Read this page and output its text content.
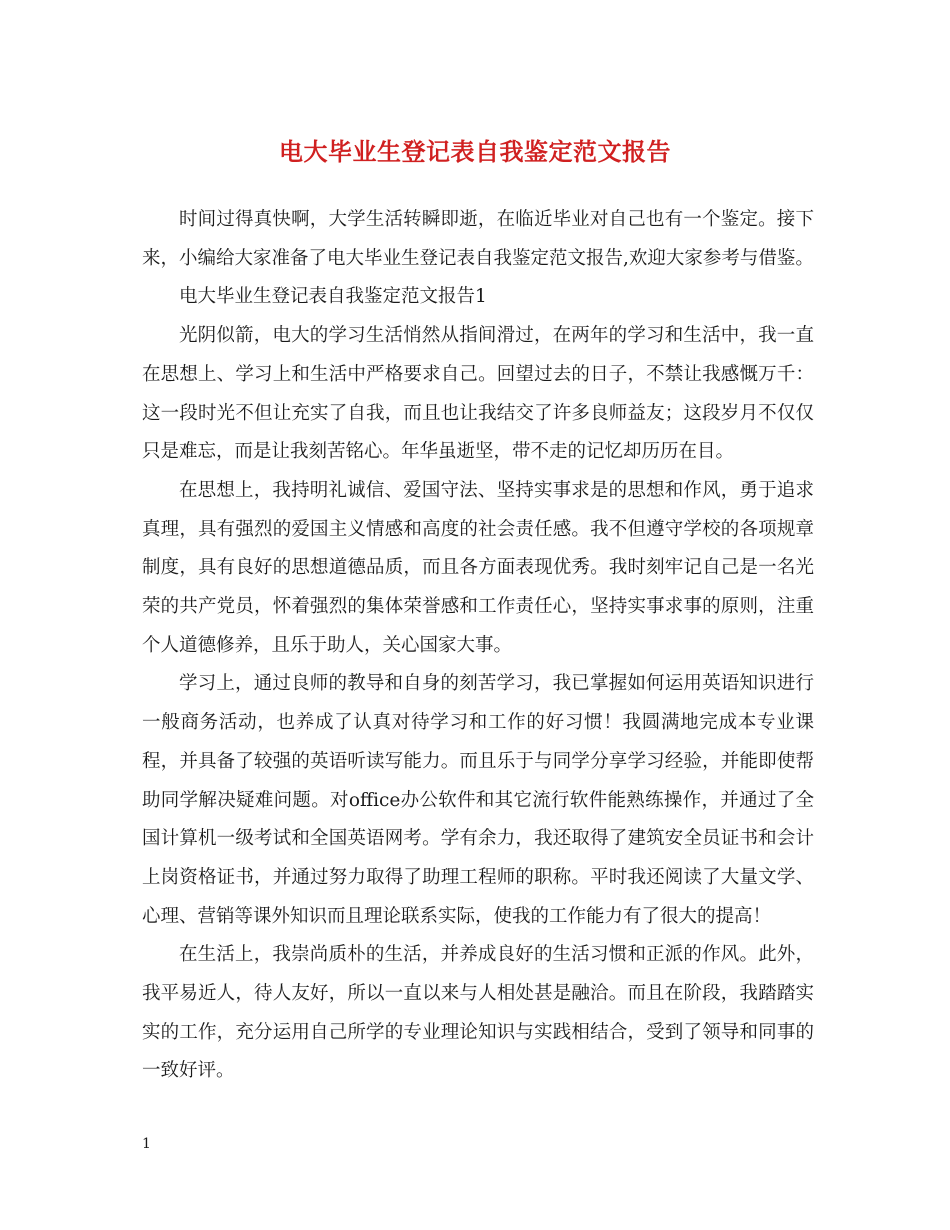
电大毕业生登记表自我鉴定范文报告

时间过得真快啊，大学生活转瞬即逝，在临近毕业对自己也有一个鉴定。接下来，小编给大家准备了电大毕业生登记表自我鉴定范文报告,欢迎大家参考与借鉴。

电大毕业生登记表自我鉴定范文报告1

光阴似箭，电大的学习生活悄然从指间滑过，在两年的学习和生活中，我一直在思想上、学习上和生活中严格要求自己。回望过去的日子，不禁让我感慨万千：这一段时光不但让充实了自我，而且也让我结交了许多良师益友；这段岁月不仅仅只是难忘，而是让我刻苦铭心。年华虽逝坚，带不走的记忆却历历在目。

在思想上，我持明礼诚信、爱国守法、坚持实事求是的思想和作风，勇于追求真理，具有强烈的爱国主义情感和高度的社会责任感。我不但遵守学校的各项规章制度，具有良好的思想道德品质，而且各方面表现优秀。我时刻牢记自己是一名光荣的共产党员，怀着强烈的集体荣誉感和工作责任心，坚持实事求事的原则，注重个人道德修养，且乐于助人，关心国家大事。

学习上，通过良师的教导和自身的刻苦学习，我已掌握如何运用英语知识进行一般商务活动，也养成了认真对待学习和工作的好习惯！我圆满地完成本专业课程，并具备了较强的英语听读写能力。而且乐于与同学分享学习经验，并能即使帮助同学解决疑难问题。对office办公软件和其它流行软件能熟练操作，并通过了全国计算机一级考试和全国英语网考。学有余力，我还取得了建筑安全员证书和会计上岗资格证书，并通过努力取得了助理工程师的职称。平时我还阅读了大量文学、心理、营销等课外知识而且理论联系实际，使我的工作能力有了很大的提高！

在生活上，我崇尚质朴的生活，并养成良好的生活习惯和正派的作风。此外，我平易近人，待人友好，所以一直以来与人相处甚是融洽。而且在阶段，我踏踏实实的工作，充分运用自己所学的专业理论知识与实践相结合，受到了领导和同事的一致好评。

1
